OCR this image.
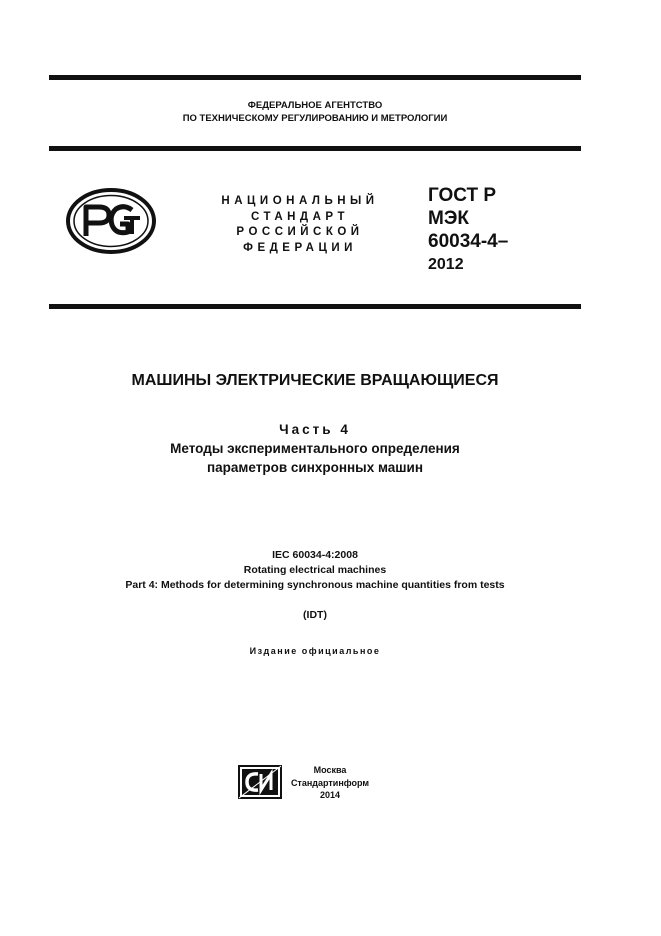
ФЕДЕРАЛЬНОЕ АГЕНТСТВО
ПО ТЕХНИЧЕСКОМУ РЕГУЛИРОВАНИЮ И МЕТРОЛОГИИ
НАЦИОНАЛЬНЫЙ
СТАНДАРТ
РОССИЙСКОЙ
ФЕДЕРАЦИИ
ГОСТ Р
МЭК
60034-4–
2012
МАШИНЫ ЭЛЕКТРИЧЕСКИЕ ВРАЩАЮЩИЕСЯ
Часть 4
Методы экспериментального определения
параметров синхронных машин
IEC 60034-4:2008
Rotating electrical machines
Part 4: Methods for determining synchronous machine quantities from tests
(IDT)
Издание официальное
Москва
Стандартинформ
2014
